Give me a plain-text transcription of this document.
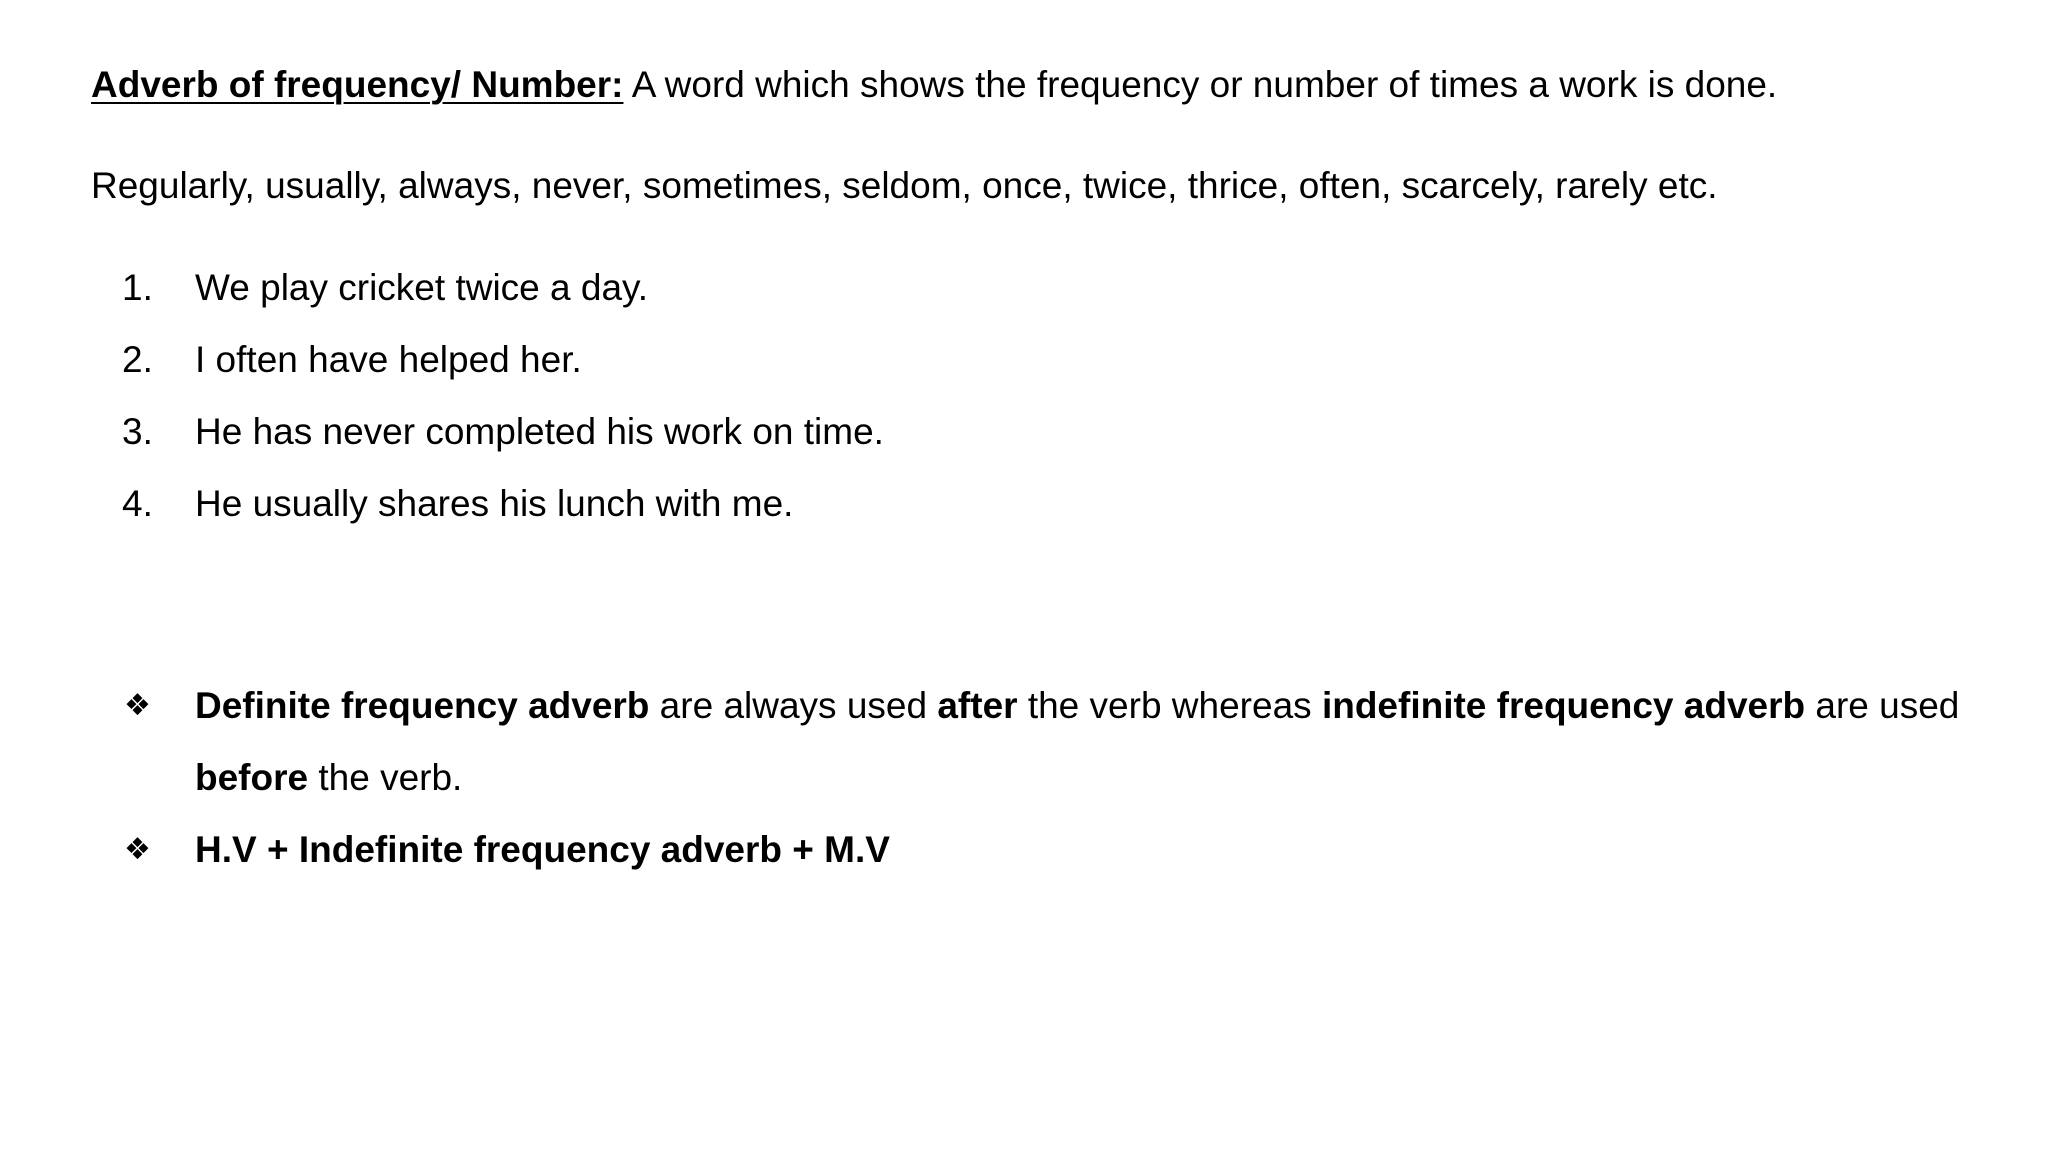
Adverb of frequency/ Number: A word which shows the frequency or number of times a work is done.
Regularly, usually, always, never, sometimes, seldom, once, twice, thrice, often, scarcely, rarely etc.
1. We play cricket twice a day.
2. I often have helped her.
3. He has never completed his work on time.
4. He usually shares his lunch with me.
❖ Definite frequency adverb are always used after the verb whereas indefinite frequency adverb are used before the verb.
❖ H.V + Indefinite frequency adverb + M.V
